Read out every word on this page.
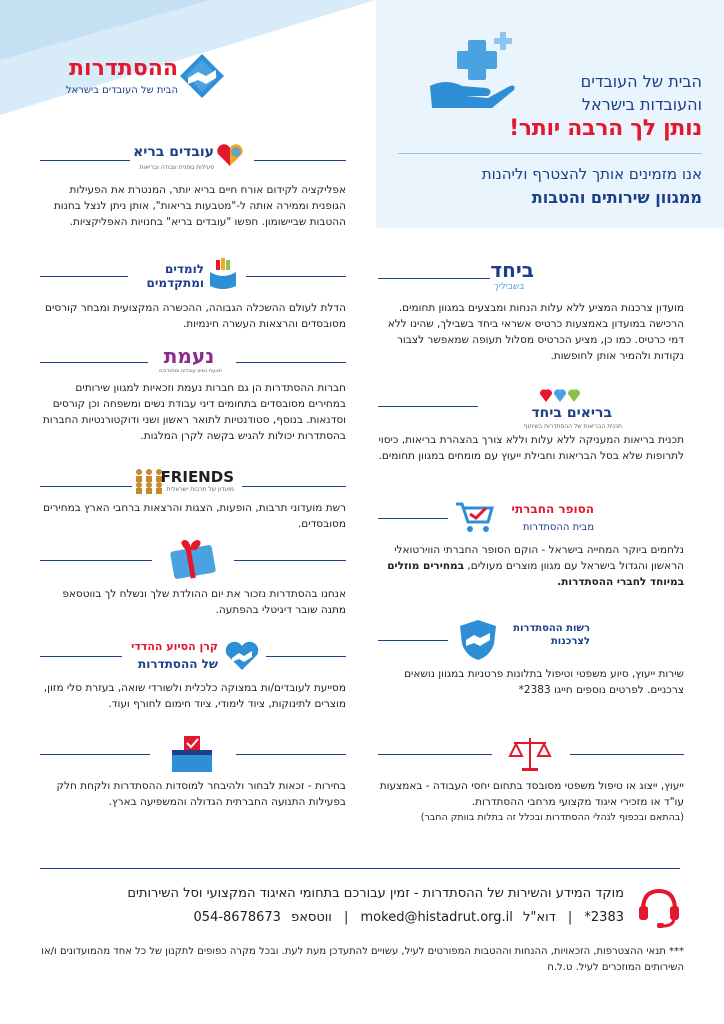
הבית של העובדים
והעובדות בישראל
נותן לך הרבה יותר!
אנו מזמינים אותך להצטרף וליהנות
ממגוון שירותים והטבות
ההסתדרות
הבית של העובדים בישראל
ביחד
בשביליך
מועדון צרכנות המציע ללא עלות הנחות ומבצעים במגוון תחומים. הרכישה במועדון באמצעות כרטיס אשראי ביחד בשבילך, שהינו ללא דמי כרטיס. כמו כן, מציע הכרטיס מסלול תעופה שמאפשר לצבור נקודות ולהמיר אותן לחופשות.
בריאים ביחד
תכנית הבריאות של ההסתדרות בשיתוף
תכנית בריאות המעניקה ללא עלות וללא צורך בהצהרת בריאות, כיסוי לתרופות שלא בסל הבריאות וחבילת ייעוץ עם מומחים במגוון תחומים.
הסופר החברתי
מבית ההסתדרות
נלחמים ביוקר המחייה בישראל - הוקם הסופר החברתי הווירטואלי הראשון והגדול בישראל עם מגוון מוצרים מעולים, במחירים מוזלים במיוחד לחברי ההסתדרות.
רשות ההסתדרות לצרכנות
שירות ייעוץ, סיוע משפטי וטיפול בתלונות פרטניות במגוון נושאים צרכניים. לפרטים נוספים חייגו 2383*
ייעוץ, ייצוג או טיפול משפטי מסובסד בתחום יחסי העבודה - באמצעות עו"ד או מזכירי איגוד מקצועי מרחבי ההסתדרות.
(בהתאם ובכפוף לנהלי ההסתדרות ובכלל זה בתלות בוותק החבר)
עובדים בריא
פעילות גופנית עבודה ובריאות
אפליקציה לקידום אורח חיים בריא יותר, המנטרת את הפעילות הגופנית וממירה אותה ל-"מטבעות בריאות", אותן ניתן לנצל בחנות ההטבות שביישומון. חפשו "עובדים בריא" בחנויות האפליקציות.
לומדים ומתקדמים
הדלת לעולם ההשכלה הגבוהה, ההכשרה המקצועית ומבחר קורסים מסובסדים והרצאות העשרה חינמיות.
נעמת
תנועת נשים עובדות ומתנדבות
חברות ההסתדרות הן גם חברות נעמת וזכאיות למגוון שירותים במחירים מסובסדים בתחומים דיני עבודת נשים ומשפחה וכן קורסים וסדנאות. בנוסף, סטודנטיות לתואר ראשון ושני ודוקטורנטיות החברות בהסתדרות יכולות להגיש בקשה לקרן המלגות.
FRIENDS
מועדון של תרבות ישראלית
רשת מועדוני תרבות, הופעות, הצגות והרצאות ברחבי הארץ במחירים מסובסדים.
אנחנו בהסתדרות נזכור את יום ההולדת שלך ונשלח לך בווטסאפ מתנה שובר דיגיטלי בהפתעה.
קרן הסיוע ההדדי
של ההסתדרות
מסייעת לעובדים/ות במצוקה כלכלית ולשורדי שואה, בעזרת סלי מזון, מוצרים לתינוקות, ציוד לימודי, ציוד חימום לחורף ועוד.
בחירות - זכאות לבחור ולהיבחר למוסדות ההסתדרות ולקחת חלק בפעילות התנועה החברתית הגדולה והמשפיעה בארץ.
מוקד המידע והשירות של ההסתדרות - זמין עבורכם בתחומי האיגוד המקצועי וסל השירותים
*2383 | דוא"ל moked@histadrut.org.il | ווטסאפ 054-8678673
*** תנאי ההצטרפות, הזכאויות, ההנחות וההטבות המפורטים לעיל, עשויים להתעדכן מעת לעת. ובכל מקרה כפופים לתקנון של כל אחד מהמועדונים ו/או השירותים המוזכרים לעיל. ט.ל.ח
